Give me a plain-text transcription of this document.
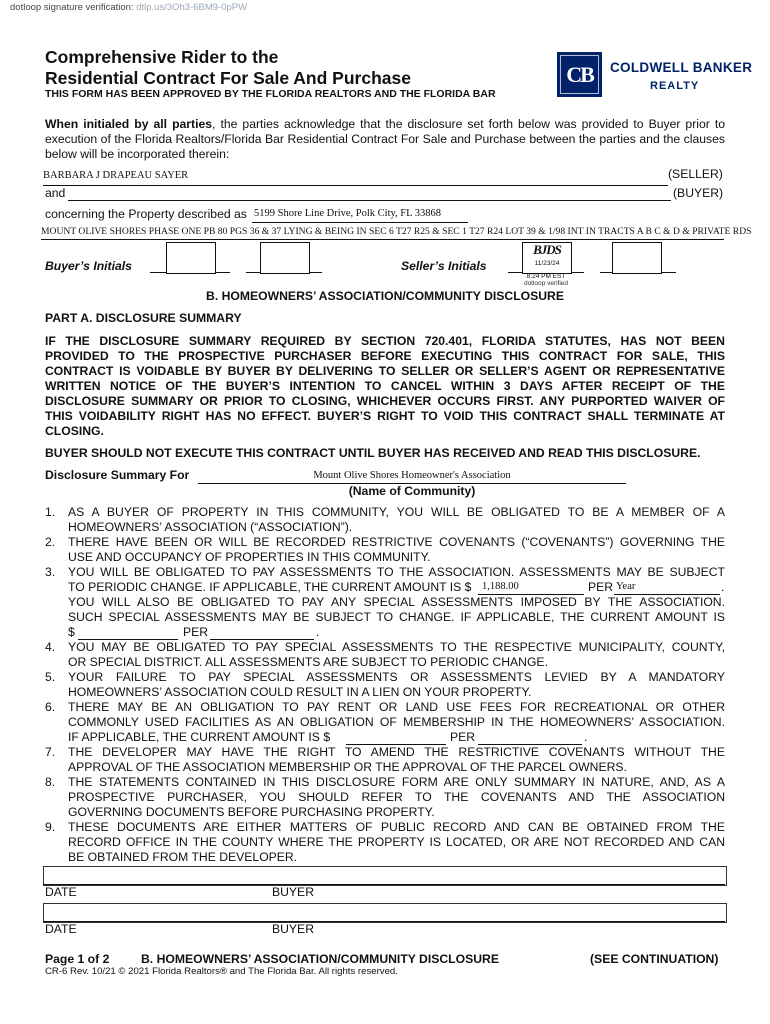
dotloop signature verification: dtlp.us/3Oh3-6BM9-0pPW
Comprehensive Rider to the
Residential Contract For Sale And Purchase
THIS FORM HAS BEEN APPROVED BY THE FLORIDA REALTORS AND THE FLORIDA BAR
CB	COLDWELL BANKER
REALTY
When initialed by all parties, the parties acknowledge that the disclosure set forth below was provided to Buyer prior to
execution of the Florida Realtors/Florida Bar Residential Contract For Sale and Purchase between the parties and the clauses
below will be incorporated therein:
BARBARA J DRAPEAU SAYER	(SELLER)
and	(BUYER)
concerning the Property described as 5199 Shore Line Drive, Polk City, FL 33868
MOUNT OLIVE SHORES PHASE ONE PB 80 PGS 36 & 37 LYING & BEING IN SEC 6 T27 R25 & SEC 1 T27 R24 LOT 39 & 1/98 INT IN TRACTS A B C & D & PRIVATE RDS
Buyer’s Initials	Seller’s Initials
BJDS
11/23/24
8:24 PM EST
dotloop verified
B. HOMEOWNERS’ ASSOCIATION/COMMUNITY DISCLOSURE
PART A. DISCLOSURE SUMMARY
IF THE DISCLOSURE SUMMARY REQUIRED BY SECTION 720.401, FLORIDA STATUTES, HAS NOT BEEN
PROVIDED TO THE PROSPECTIVE PURCHASER BEFORE EXECUTING THIS CONTRACT FOR SALE, THIS
CONTRACT IS VOIDABLE BY BUYER BY DELIVERING TO SELLER OR SELLER’S AGENT OR REPRESENTATIVE
WRITTEN NOTICE OF THE BUYER’S INTENTION TO CANCEL WITHIN 3 DAYS AFTER RECEIPT OF THE
DISCLOSURE SUMMARY OR PRIOR TO CLOSING, WHICHEVER OCCURS FIRST. ANY PURPORTED WAIVER OF
THIS VOIDABILITY RIGHT HAS NO EFFECT. BUYER’S RIGHT TO VOID THIS CONTRACT SHALL TERMINATE AT
CLOSING.
BUYER SHOULD NOT EXECUTE THIS CONTRACT UNTIL BUYER HAS RECEIVED AND READ THIS DISCLOSURE.
Disclosure Summary For	Mount Olive Shores Homeowner's Association
(Name of Community)
1. AS A BUYER OF PROPERTY IN THIS COMMUNITY, YOU WILL BE OBLIGATED TO BE A MEMBER OF A
HOMEOWNERS’ ASSOCIATION (“ASSOCIATION”).
2. THERE HAVE BEEN OR WILL BE RECORDED RESTRICTIVE COVENANTS (“COVENANTS”) GOVERNING THE
USE AND OCCUPANCY OF PROPERTIES IN THIS COMMUNITY.
3. YOU WILL BE OBLIGATED TO PAY ASSESSMENTS TO THE ASSOCIATION. ASSESSMENTS MAY BE SUBJECT
TO PERIODIC CHANGE. IF APPLICABLE, THE CURRENT AMOUNT IS $
YOU WILL ALSO BE OBLIGATED TO PAY ANY SPECIAL ASSESSMENTS IMPOSED BY THE ASSOCIATION.
SUCH SPECIAL ASSESSMENTS MAY BE SUBJECT TO CHANGE. IF APPLICABLE, THE CURRENT AMOUNT IS
1,188.00	PER Year	.
$	PER	.
4. YOU MAY BE OBLIGATED TO PAY SPECIAL ASSESSMENTS TO THE RESPECTIVE MUNICIPALITY, COUNTY,
OR SPECIAL DISTRICT. ALL ASSESSMENTS ARE SUBJECT TO PERIODIC CHANGE.
5. YOUR FAILURE TO PAY SPECIAL ASSESSMENTS OR ASSESSMENTS LEVIED BY A MANDATORY
HOMEOWNERS’ ASSOCIATION COULD RESULT IN A LIEN ON YOUR PROPERTY.
6. THERE MAY BE AN OBLIGATION TO PAY RENT OR LAND USE FEES FOR RECREATIONAL OR OTHER
COMMONLY USED FACILITIES AS AN OBLIGATION OF MEMBERSHIP IN THE HOMEOWNERS’ ASSOCIATION.
IF APPLICABLE, THE CURRENT AMOUNT IS $	PER	.
7. THE DEVELOPER MAY HAVE THE RIGHT TO AMEND THE RESTRICTIVE COVENANTS WITHOUT THE
APPROVAL OF THE ASSOCIATION MEMBERSHIP OR THE APPROVAL OF THE PARCEL OWNERS.
8. THE STATEMENTS CONTAINED IN THIS DISCLOSURE FORM ARE ONLY SUMMARY IN NATURE, AND, AS A
PROSPECTIVE PURCHASER, YOU SHOULD REFER TO THE COVENANTS AND THE ASSOCIATION
GOVERNING DOCUMENTS BEFORE PURCHASING PROPERTY.
9. THESE DOCUMENTS ARE EITHER MATTERS OF PUBLIC RECORD AND CAN BE OBTAINED FROM THE
RECORD OFFICE IN THE COUNTY WHERE THE PROPERTY IS LOCATED, OR ARE NOT RECORDED AND CAN
BE OBTAINED FROM THE DEVELOPER.
DATE	BUYER
DATE	BUYER
Page 1 of 2	B. HOMEOWNERS’ ASSOCIATION/COMMUNITY DISCLOSURE	(SEE CONTINUATION)
CR-6 Rev. 10/21 © 2021 Florida Realtors® and The Florida Bar. All rights reserved.
